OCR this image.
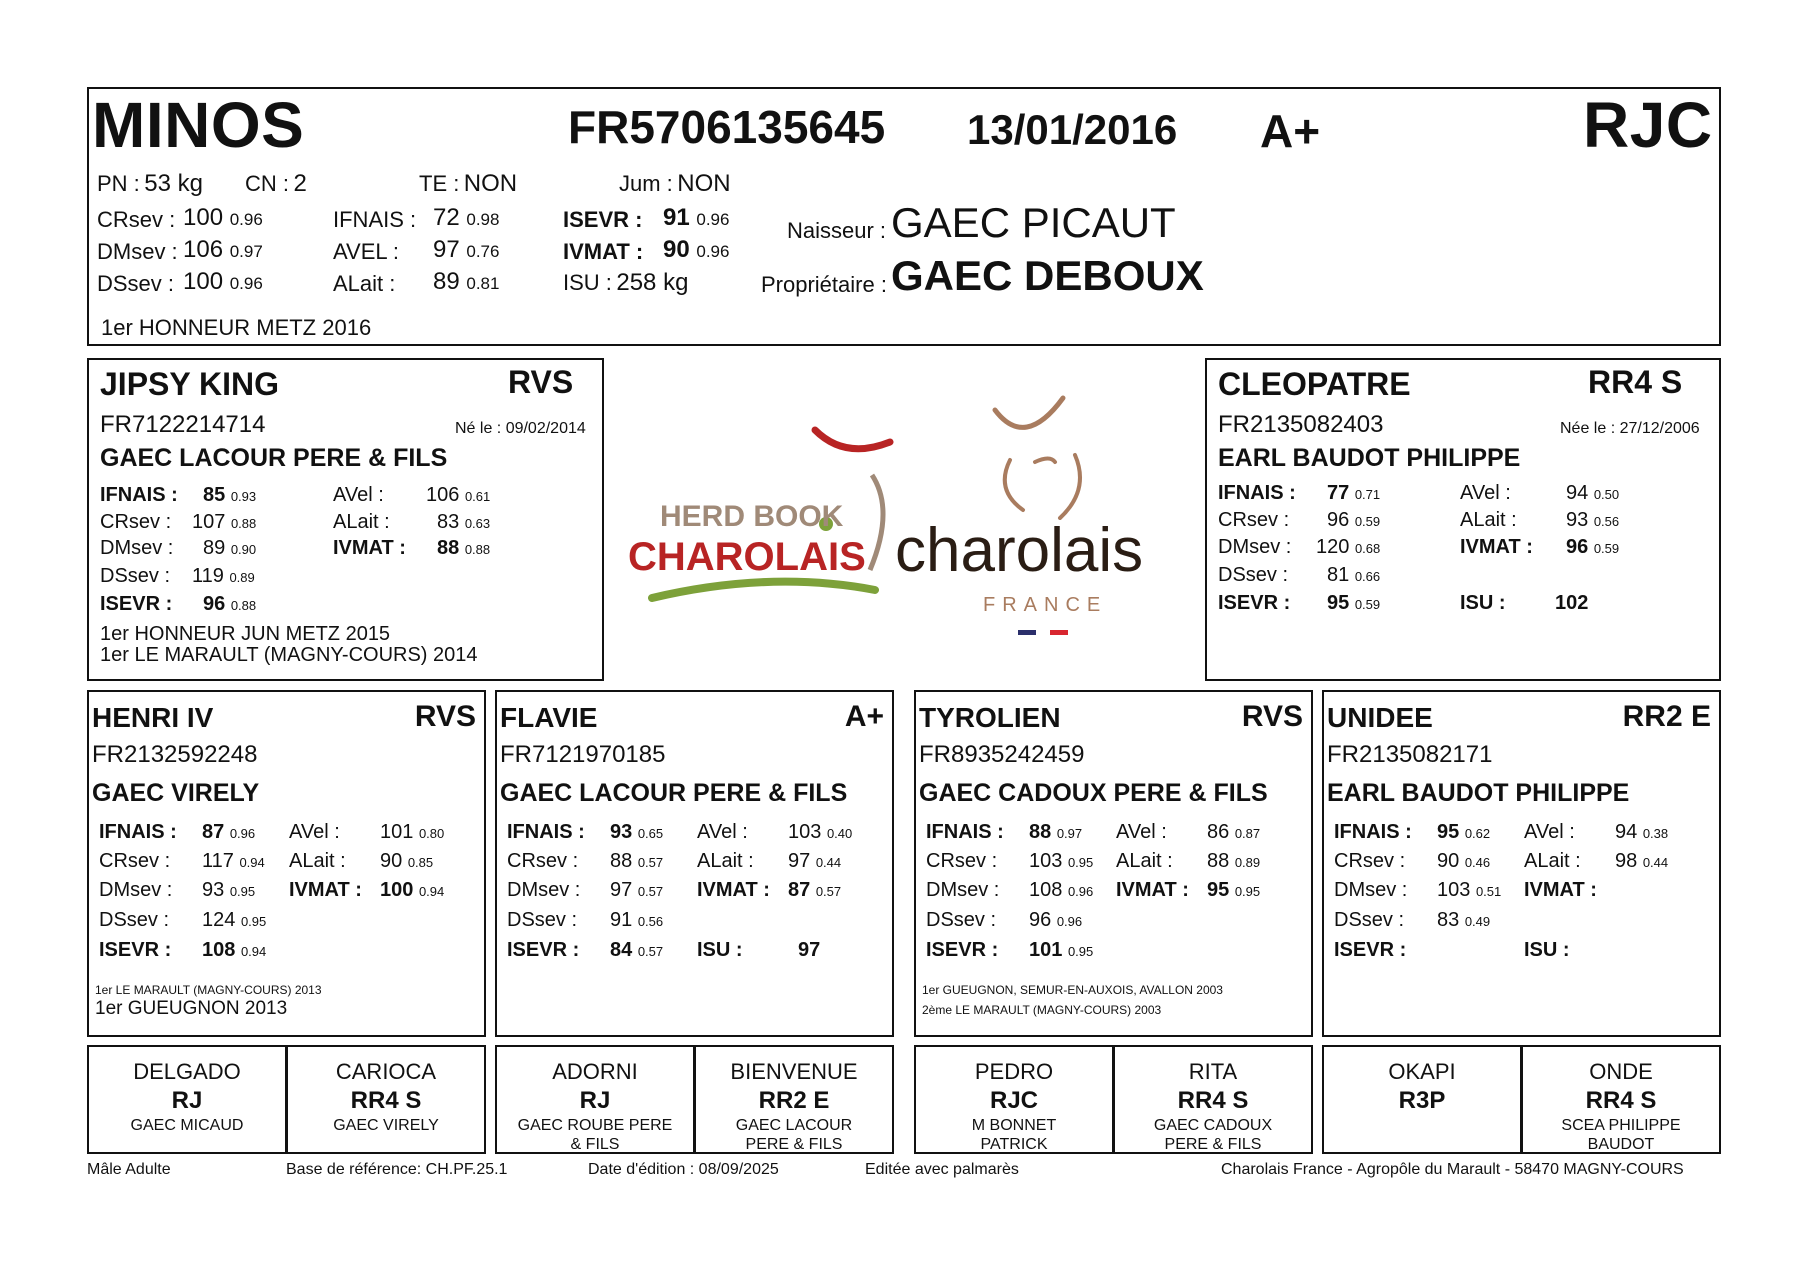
MINOS	FR5706135645 13/01/2016 A+	RJC
PN : 53 kg CN : 2	TE : NON	Jum : NON
CRsev : 100 0.96
DMsev : 106 0.97
DSsev : 100 0.96
IFNAIS : 72 0.98
AVEL : 97 0.76
ALait : 89 0.81
ISEVR : 91 0.96
IVMAT : 90 0.96
ISU : 258 kg
Naisseur : GAEC PICAUT
Propriétaire : GAEC DEBOUX
1er HONNEUR METZ 2016
JIPSY KING	RVS
FR7122214714	Né le : 09/02/2014
GAEC LACOUR PERE & FILS
IFNAIS : 85 0.93
CRsev : 107 0.88
DMsev : 89 0.90
DSsev : 119 0.89
ISEVR : 96 0.88
AVel : 106 0.61
ALait : 83 0.63
IVMAT : 88 0.88
1er HONNEUR JUN METZ 2015
1er LE MARAULT (MAGNY-COURS) 2014
HERD BOOK
CHAROLAIS charolais
FRANCE
CLEOPATRE	RR4 S
FR2135082403	Née le : 27/12/2006
EARL BAUDOT PHILIPPE
IFNAIS : 77 0.71
CRsev : 96 0.59
DMsev : 120 0.68
DSsev : 81 0.66
ISEVR : 95 0.59
AVel :	94 0.50
ALait : 93 0.56
IVMAT : 96 0.59
ISU : 102
HENRI IV	RVS
FR2132592248
GAEC VIRELY
IFNAIS : 87 0.96
CRsev : 117 0.94
DMsev : 93 0.95
DSsev : 124 0.95
ISEVR : 108 0.94
AVel : 101 0.80
ALait : 90 0.85
IVMAT : 100 0.94
1er LE MARAULT (MAGNY-COURS) 2013
1er GUEUGNON 2013
FLAVIE	A+
FR7121970185
GAEC LACOUR PERE & FILS
IFNAIS : 93 0.65
CRsev : 88 0.57
DMsev : 97 0.57
DSsev : 91 0.56
ISEVR : 84 0.57
AVel : 103 0.40
ALait : 97 0.44
IVMAT : 87 0.57
ISU :	97
TYROLIEN	RVS
FR8935242459
GAEC CADOUX PERE & FILS
IFNAIS : 88 0.97
CRsev : 103 0.95
DMsev : 108 0.96
DSsev : 96 0.96
ISEVR : 101 0.95
AVel : 86 0.87
ALait : 88 0.89
IVMAT : 95 0.95
1er GUEUGNON, SEMUR-EN-AUXOIS, AVALLON 2003
2ème LE MARAULT (MAGNY-COURS) 2003
UNIDEE	RR2 E
FR2135082171
EARL BAUDOT PHILIPPE
IFNAIS : 95 0.62
CRsev : 90 0.46
DMsev : 103 0.51
DSsev : 83 0.49
ISEVR :
AVel : 94 0.38
ALait : 98 0.44
IVMAT :
ISU :
DELGADO
RJ
GAEC MICAUD
CARIOCA
RR4 S
GAEC VIRELY
ADORNI
RJ
GAEC ROUBE PERE
& FILS
BIENVENUE
RR2 E
GAEC LACOUR
PERE & FILS
PEDRO
RJC
M BONNET
PATRICK
RITA
RR4 S
GAEC CADOUX
PERE & FILS
OKAPI
R3P
ONDE
RR4 S
SCEA PHILIPPE
BAUDOT
Mâle Adulte	Base de référence: CH.PF.25.1	Date d'édition : 08/09/2025	Editée avec palmarès	Charolais France - Agropôle du Marault - 58470 MAGNY-COURS
